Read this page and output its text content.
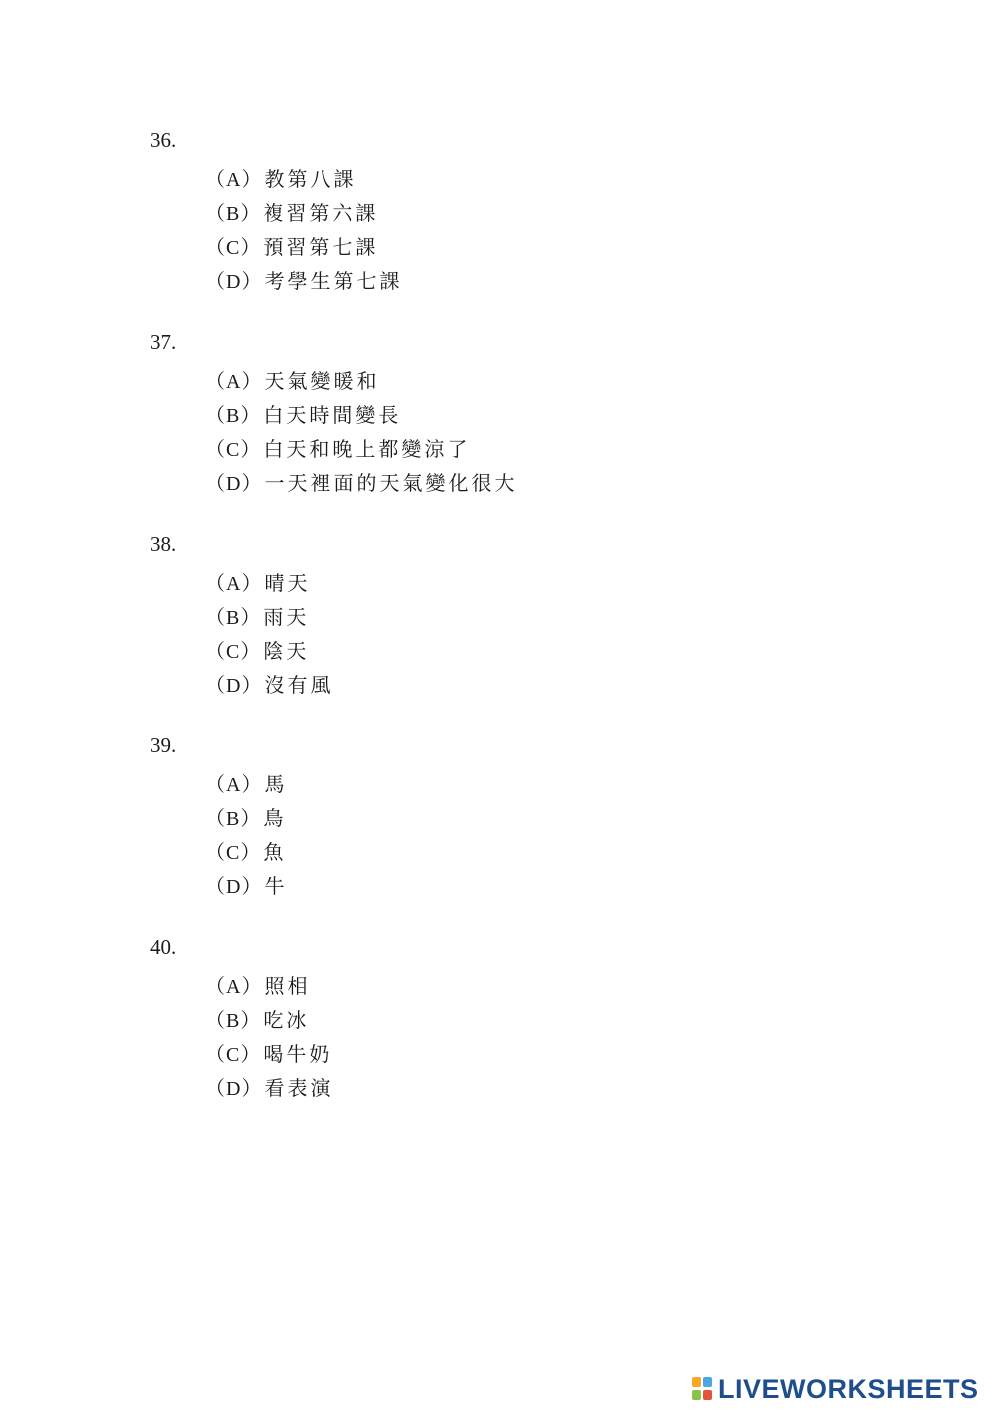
36.
（A） 教第八課
（B） 複習第六課
（C） 預習第七課
（D） 考學生第七課
37.
（A） 天氣變暖和
（B） 白天時間變長
（C） 白天和晚上都變涼了
（D） 一天裡面的天氣變化很大
38.
（A） 晴天
（B） 雨天
（C） 陰天
（D） 沒有風
39.
（A） 馬
（B） 鳥
（C） 魚
（D） 牛
40.
（A） 照相
（B） 吃冰
（C） 喝牛奶
（D） 看表演
LIVEWORKSHEETS
